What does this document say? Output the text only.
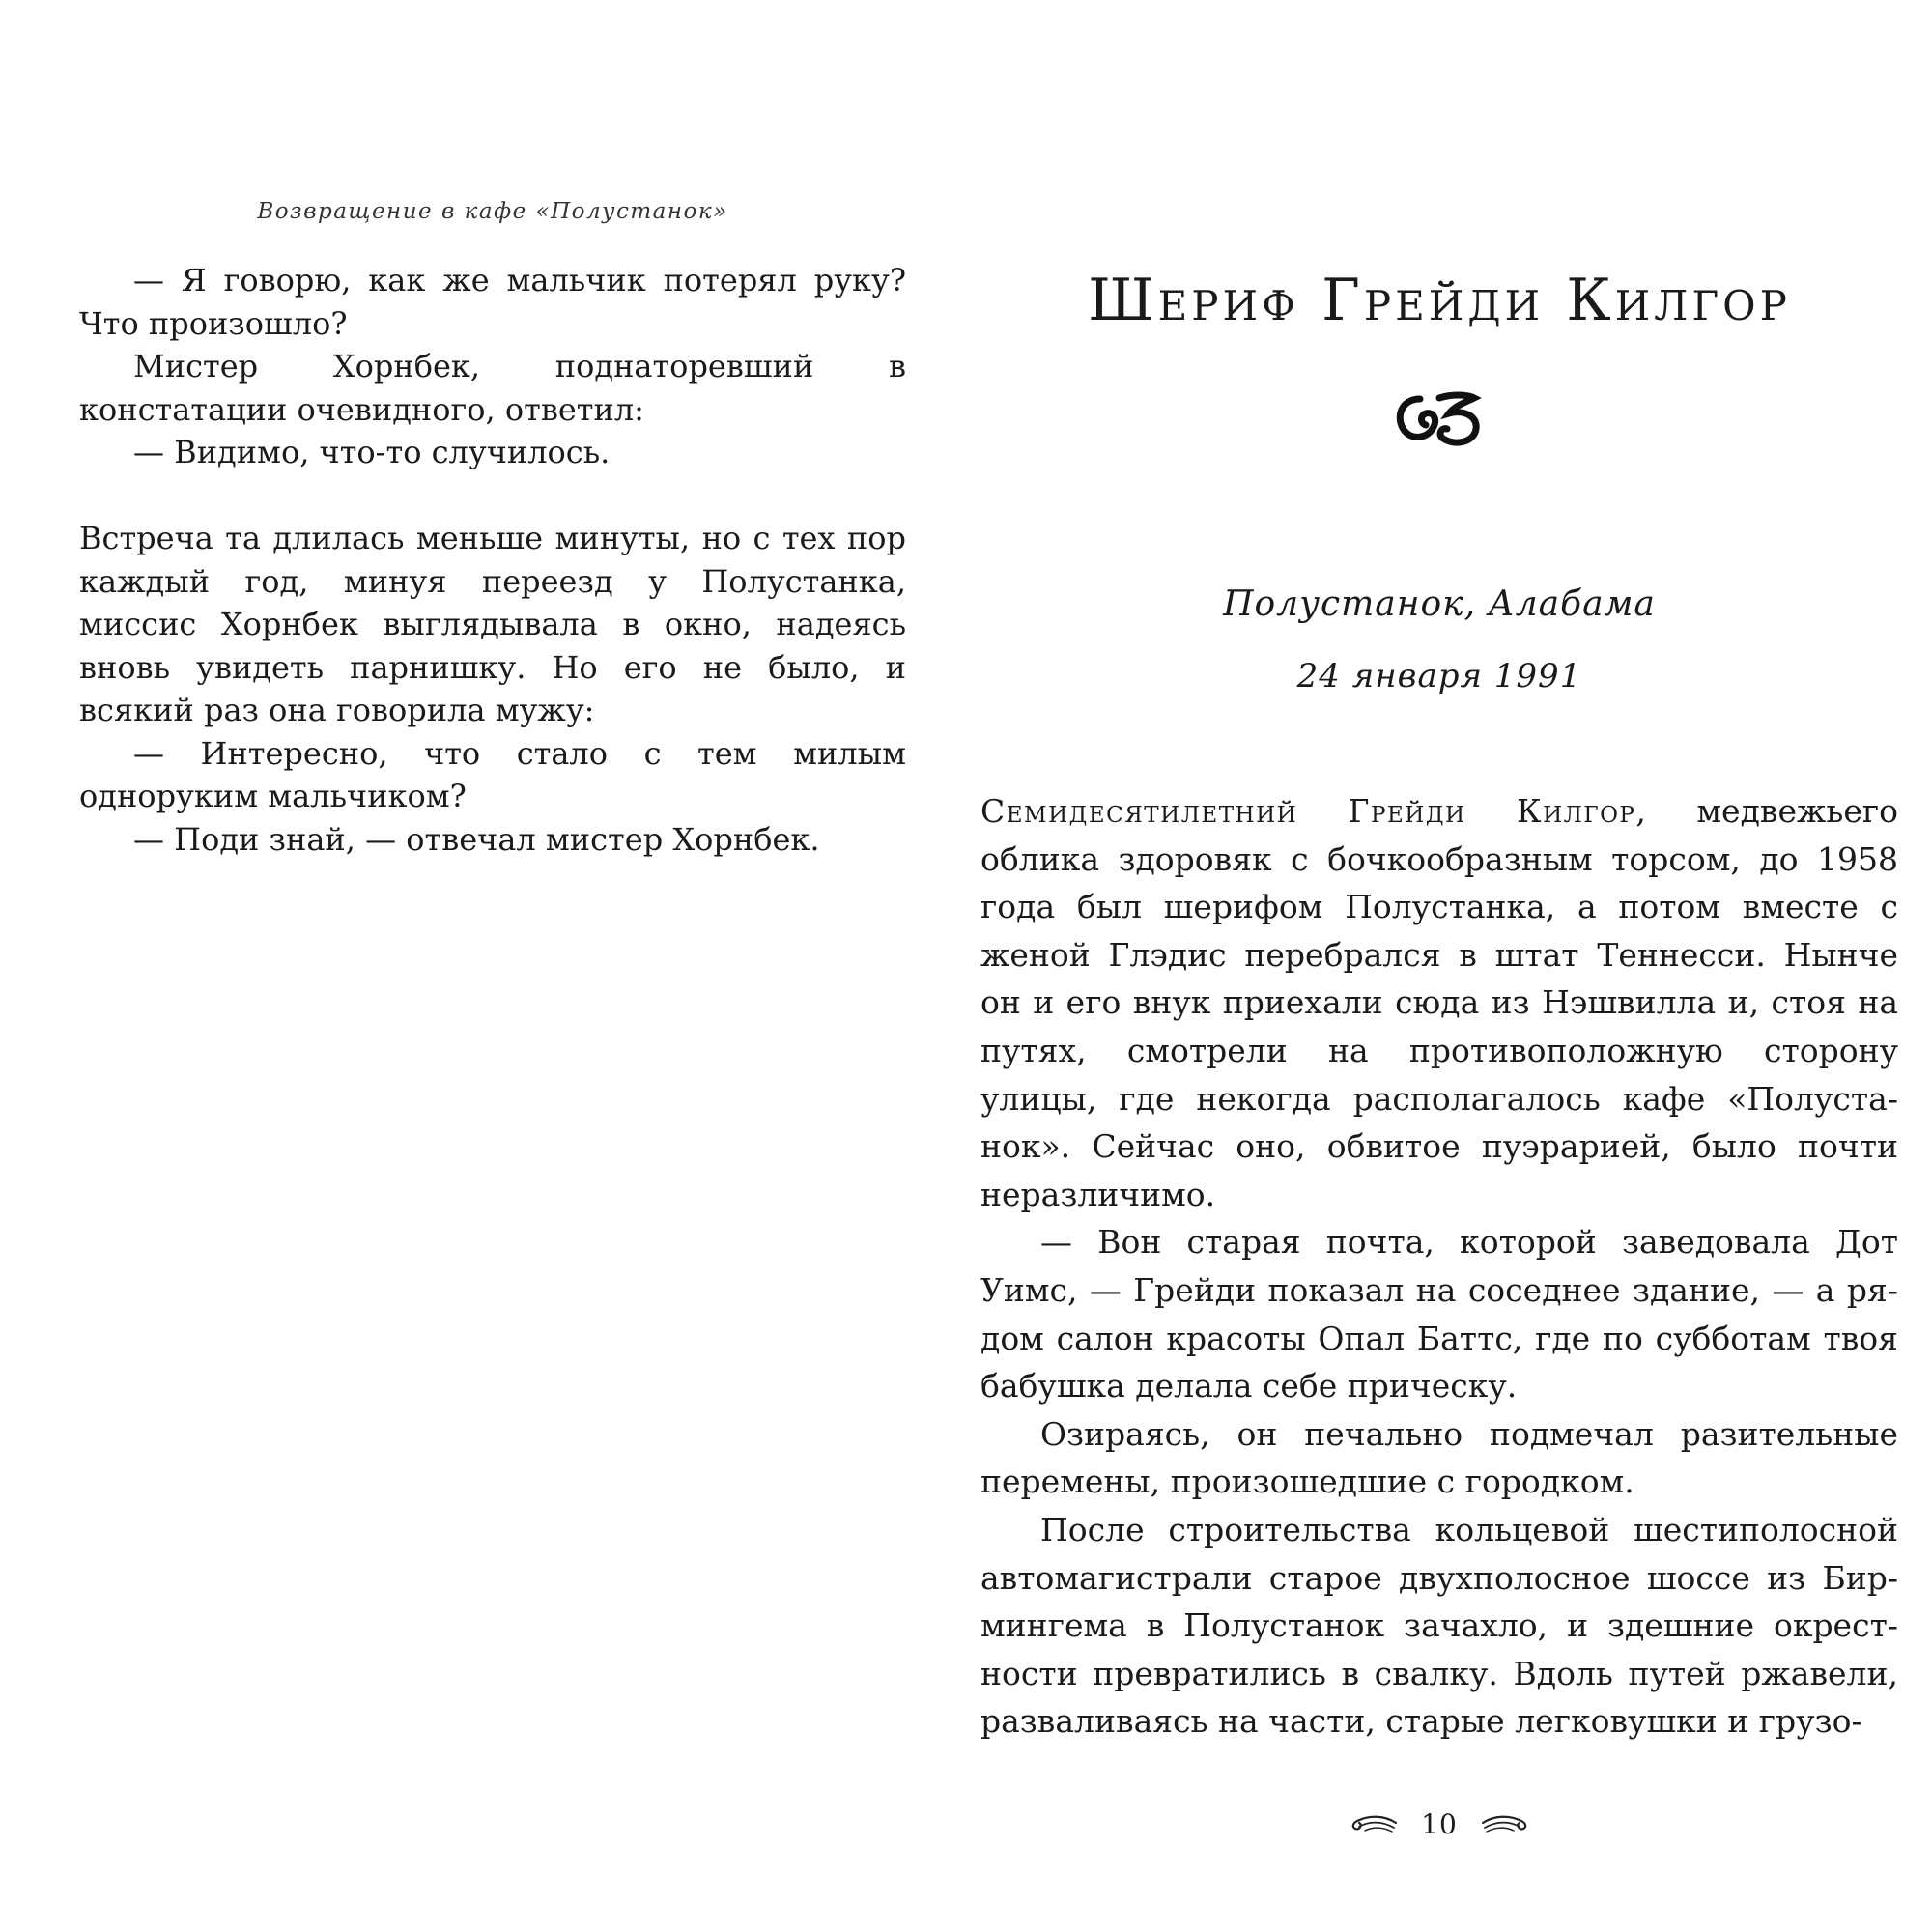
Возвращение в кафе «Полустанок»

— Я говорю, как же мальчик потерял руку? Что произошло?

Мистер Хорнбек, поднаторевший в констатации очевидного, ответил:

— Видимо, что-то случилось.

Встреча та длилась меньше минуты, но с тех пор каждый год, минуя переезд у Полустанка, миссис Хорнбек выглядывала в окно, надеясь вновь увидеть парнишку. Но его не было, и всякий раз она говорила мужу:

— Интересно, что стало с тем милым одноруким мальчиком?

— Поди знай, — отвечал мистер Хорнбек.

Шериф Грейди Килгор
Полустанок, Алабама
24 января 1991

Семидесятилетний Грейди Килгор, медвежьего облика здоровяк с бочкообразным торсом, до 1958 года был шерифом Полустанка, а потом вместе с женой Глэдис перебрался в штат Теннесси. Нынче он и его внук приехали сюда из Нэшвилла и, стоя на путях, смотрели на противоположную сторону улицы, где некогда располагалось кафе «Полустанок». Сейчас оно, обвитое пуэрарией, было почти неразличимо.

— Вон старая почта, которой заведовала Дот Уимс, — Грейди показал на соседнее здание, — а рядом салон красоты Опал Баттс, где по субботам твоя бабушка делала себе прическу.

Озираясь, он печально подмечал разительные перемены, произошедшие с городком.

После строительства кольцевой шестиполосной автомагистрали старое двухполосное шоссе из Бирмингема в Полустанок зачахло, и здешние окрестности превратились в свалку. Вдоль путей ржавели, разваливаясь на части, старые легковушки и грузо-

10
